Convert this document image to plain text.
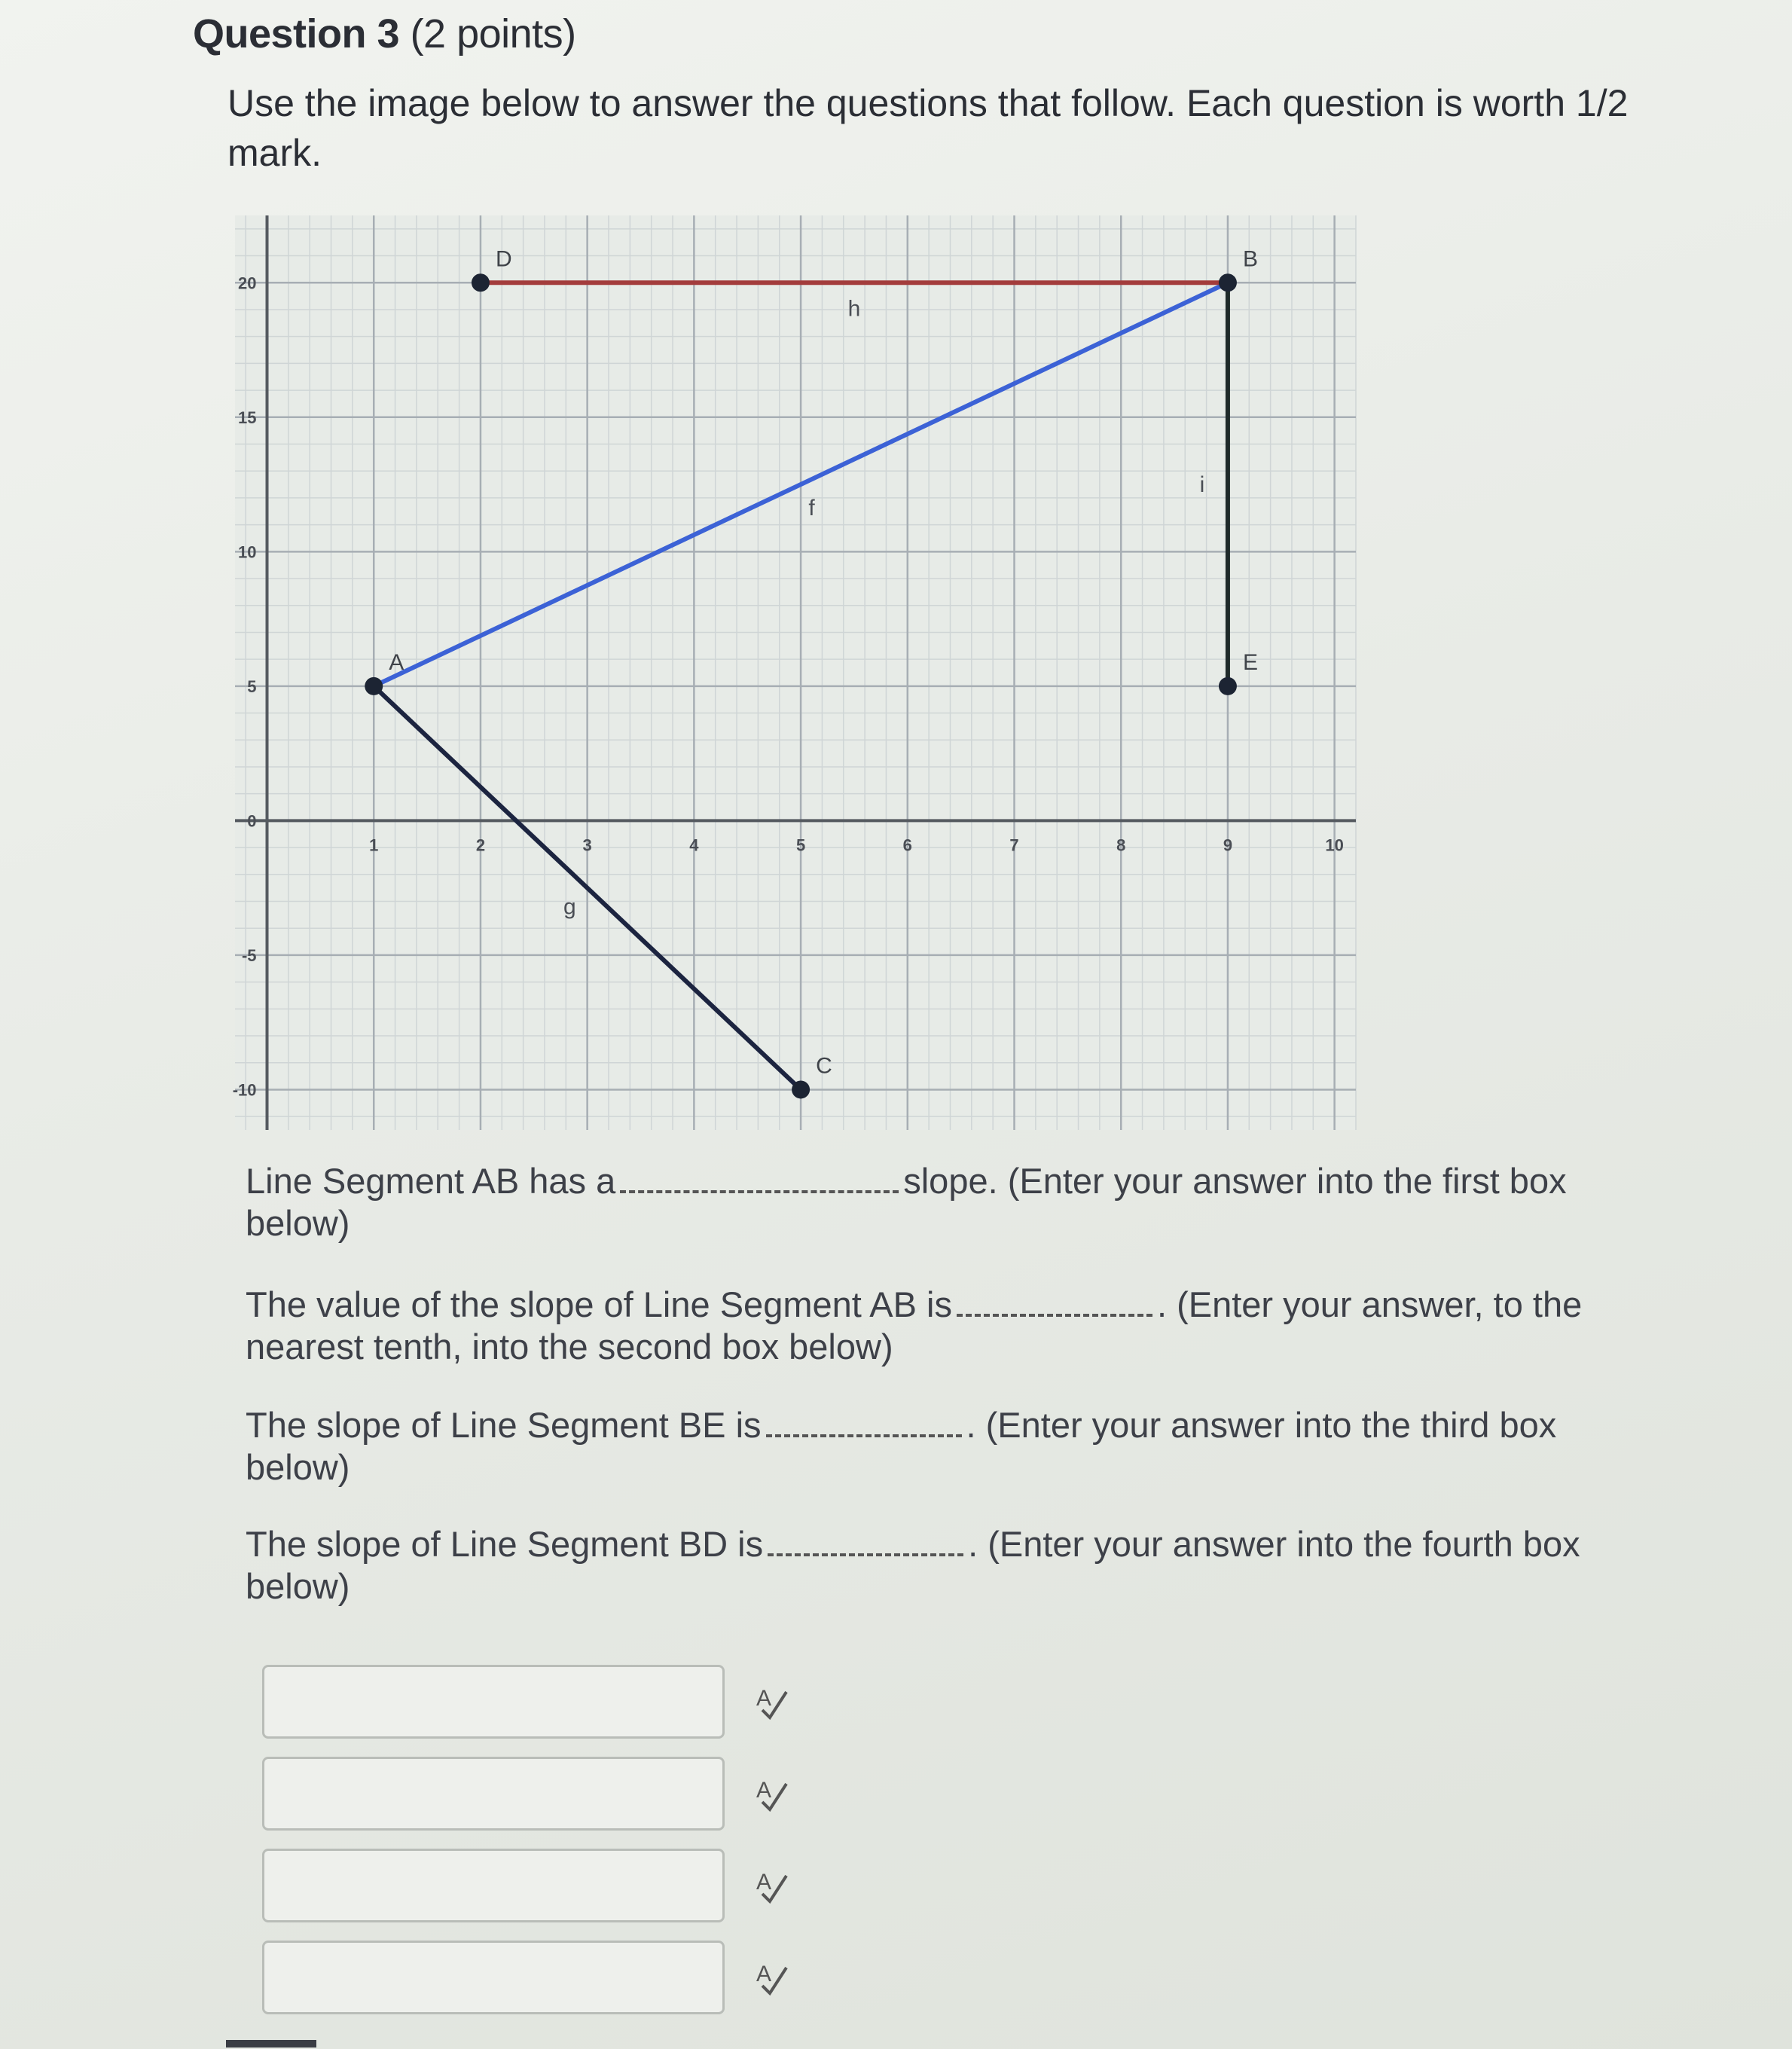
Question 3 (2 points)
Use the image below to answer the questions that follow. Each question is worth 1/2 mark.
1	2	3	4	5	6	7	8	9	10
20
15
10
5
0
-5
-10
f
g
h
i
A
B
C
D
E
Line Segment AB has a	slope. (Enter your answer into the first box below)
The value of the slope of Line Segment AB is	. (Enter your answer, to the nearest tenth, into the second box below)
The slope of Line Segment BE is	. (Enter your answer into the third box below)
The slope of Line Segment BD is	. (Enter your answer into the fourth box below)
A
A
A
A
